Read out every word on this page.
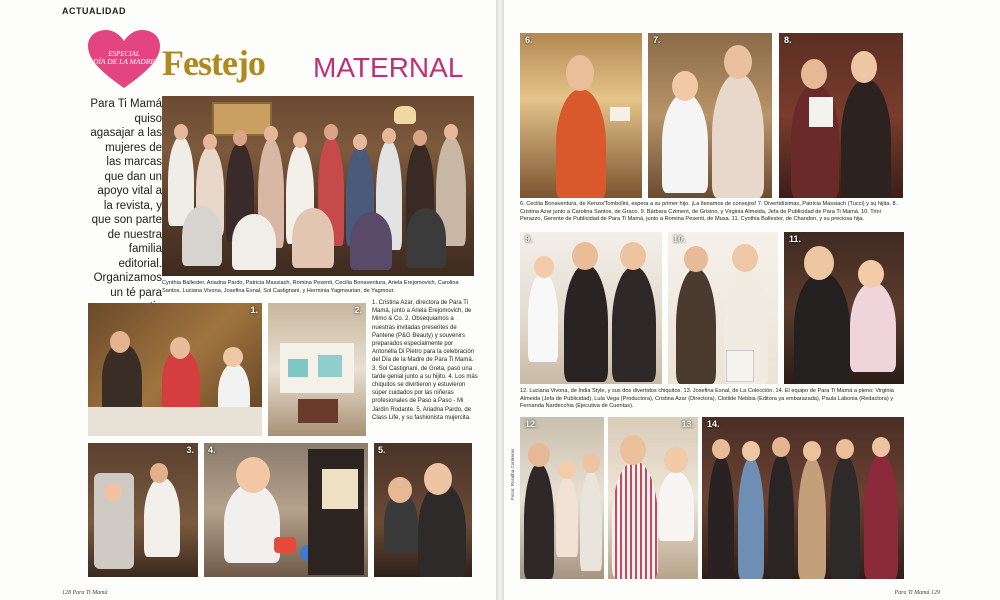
ACTUALIDAD
ESPECIAL
DÍA DE LA MADRE Festejo MATERNAL
Para Ti Mamá quiso agasajar a las mujeres de las marcas que dan un apoyo vital a la revista, y que son parte de nuestra familia editorial. Organizamos un té para
Cynthia Ballester, Ariadna Pardo, Patricia Massiach, Romina Pesenti, Cecilia Bonaventura, Ariela Erejomovich, Carolina Santos, Luciana Vivona, Josefina Esnal, Sol Castignani, y Herminia Yagmourian, de Yagmour.
1.	2.
1. Cristina Azar, directora de Para Ti Mamá, junto a Ariela Erejomovich, de Mimo & Co. 2. Obsequiamos a nuestras invitadas presentes de Pantene (P&G Beauty) y souvenirs preparados especialmente por Antonella Di Pietro para la celebración del Día de la Madre de Para Ti Mamá. 3. Sol Castignani, de Greta, pasó una tarde genial junto a su hijito. 4. Los más chiquitos se divirtieron y estuvieron súper cuidados por las niñeras profesionales de Paso a Paso - Mi Jardín Rodante. 5. Ariadna Pardo, de Class Life, y su fashionista mujercita.
3. 4.	5.
128 Para Ti Mamá
6.	7.	8.
6. Cecilia Bonaventura, de Kenzo/Tombolini, espera a su primer hijo. ¡La llenamos de consejos! 7. Divertidísimas, Patricia Massiach (Tucci) y su hijita. 8. Cristina Azar junto a Carolina Santos, de Graco. 9. Bárbara Cziment, de Grisino, y Virginia Almeida, Jefa de Publicidad de Para Ti Mamá. 10. Trini Perazzo, Gerente de Publicidad de Para Ti Mamá, junto a Romina Pesenti, de Musa. 11. Cynthia Ballester, de Chandon, y su preciosa hija.
9.	10.	11.
12. Luciana Vivona, de India Style, y sus dos divertidos chiquitos. 13. Josefina Esnal, de La Colección. 14. El equipo de Para Ti Mamá a pleno: Virginia Almeida (Jefa de Publicidad), Lula Vega (Productora), Cristina Azar (Directora), Clotilde Nebbia (Editora ya embarazada), Paula Labonia (Redactora) y Fernanda Nardecchia (Ejecutiva de Cuentas).
12.	13. 14.
Para Ti Mamá 129
Fotos: Rosalba Contreras
